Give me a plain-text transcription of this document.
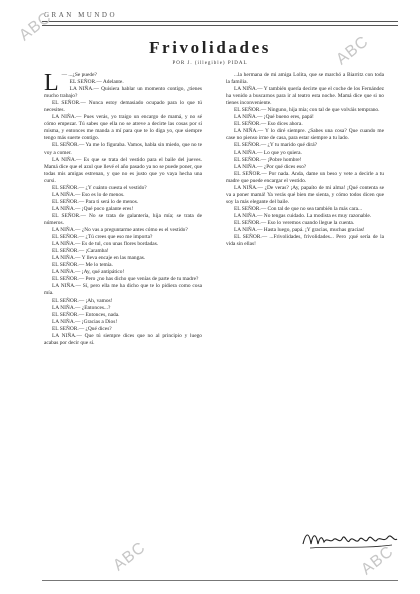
GRAN MUNDO
ABC
ABC
ABC	ABC
Frivolidades
POR J. (illegible) PIDAL
L — ...¿Se puede?

EL SEÑOR.— Adelante.

LA NIÑA.— Quisiera hablar un momento contigo, ¿tienes mucho trabajo?

EL SEÑOR.— Nunca estoy demasiado ocupado para lo que tú necesites.

LA NIÑA.— Pues verás, yo traigo un encargo de mamá, y no sé cómo empezar. Tú sabes que ella no se atreve a decirte las cosas por sí misma, y entonces me manda a mí para que te lo diga yo, que siempre tengo más suerte contigo.

EL SEÑOR.— Ya me lo figuraba. Vamos, habla sin miedo, que no te voy a comer.

LA NIÑA.— Es que se trata del vestido para el baile del jueves. Mamá dice que el azul que llevé el año pasado ya no se puede poner, que todas mis amigas estrenan, y que no es justo que yo vaya hecha una cursi.

EL SEÑOR.— ¿Y cuánto cuesta el vestido?

LA NIÑA.— Eso es lo de menos.

EL SEÑOR.— Para ti será lo de menos.

LA NIÑA.— ¡Qué poco galante eres!

EL SEÑOR.— No se trata de galantería, hija mía; se trata de números.

LA NIÑA.— ¿No vas a preguntarme antes cómo es el vestido?

EL SEÑOR.— ¿Tú crees que eso me importa?

LA NIÑA.— Es de tul, con unas flores bordadas.

EL SEÑOR.— ¡Caramba!

LA NIÑA.— Y lleva encaje en las mangas.

EL SEÑOR.— Me lo temía.

LA NIÑA.— ¡Ay, qué antipático!

EL SEÑOR.— Pero ¿no has dicho que venías de parte de tu madre?

LA NIÑA.— Sí, pero ella me ha dicho que te lo pidiera como cosa mía.

EL SEÑOR.— ¡Ah, vamos!

LA NIÑA.— ¿Entonces...?

EL SEÑOR.— Entonces, nada.

LA NIÑA.— ¡Gracias a Dios!

EL SEÑOR.— ¿Qué dices?

LA NIÑA.— Que tú siempre dices que no al principio y luego acabas por decir que sí.

...la hermana de mi amiga Lolita, que se marchó a Biarritz con toda la familia.

LA NIÑA.— Y también quería decirte que el coche de los Fernández ha venido a buscarnos para ir al teatro esta noche. Mamá dice que si no tienes inconveniente.

EL SEÑOR.— Ninguno, hija mía; con tal de que volváis temprano.

LA NIÑA.— ¡Qué bueno eres, papá!

EL SEÑOR.— Eso dices ahora.

LA NIÑA.— Y lo diré siempre. ¿Sabes una cosa? Que cuando me case no pienso irme de casa, para estar siempre a tu lado.

EL SEÑOR.— ¿Y tu marido qué dirá?

LA NIÑA.— Lo que yo quiera.

EL SEÑOR.— ¡Pobre hombre!

LA NIÑA.— ¿Por qué dices eso?

EL SEÑOR.— Por nada. Anda, dame un beso y vete a decirle a tu madre que puede encargar el vestido.

LA NIÑA.— ¿De veras? ¡Ay, papaíto de mi alma! ¡Qué contenta se va a poner mamá! Ya verás qué bien me sienta, y cómo todos dicen que soy la más elegante del baile.

EL SEÑOR.— Con tal de que no sea también la más cara...

LA NIÑA.— No tengas cuidado. La modista es muy razonable.

EL SEÑOR.— Eso lo veremos cuando llegue la cuenta.

LA NIÑA.— Hasta luego, papá. ¡Y gracias, muchas gracias!

EL SEÑOR.— ...Frivolidades, frivolidades... Pero ¡qué sería de la vida sin ellas!
